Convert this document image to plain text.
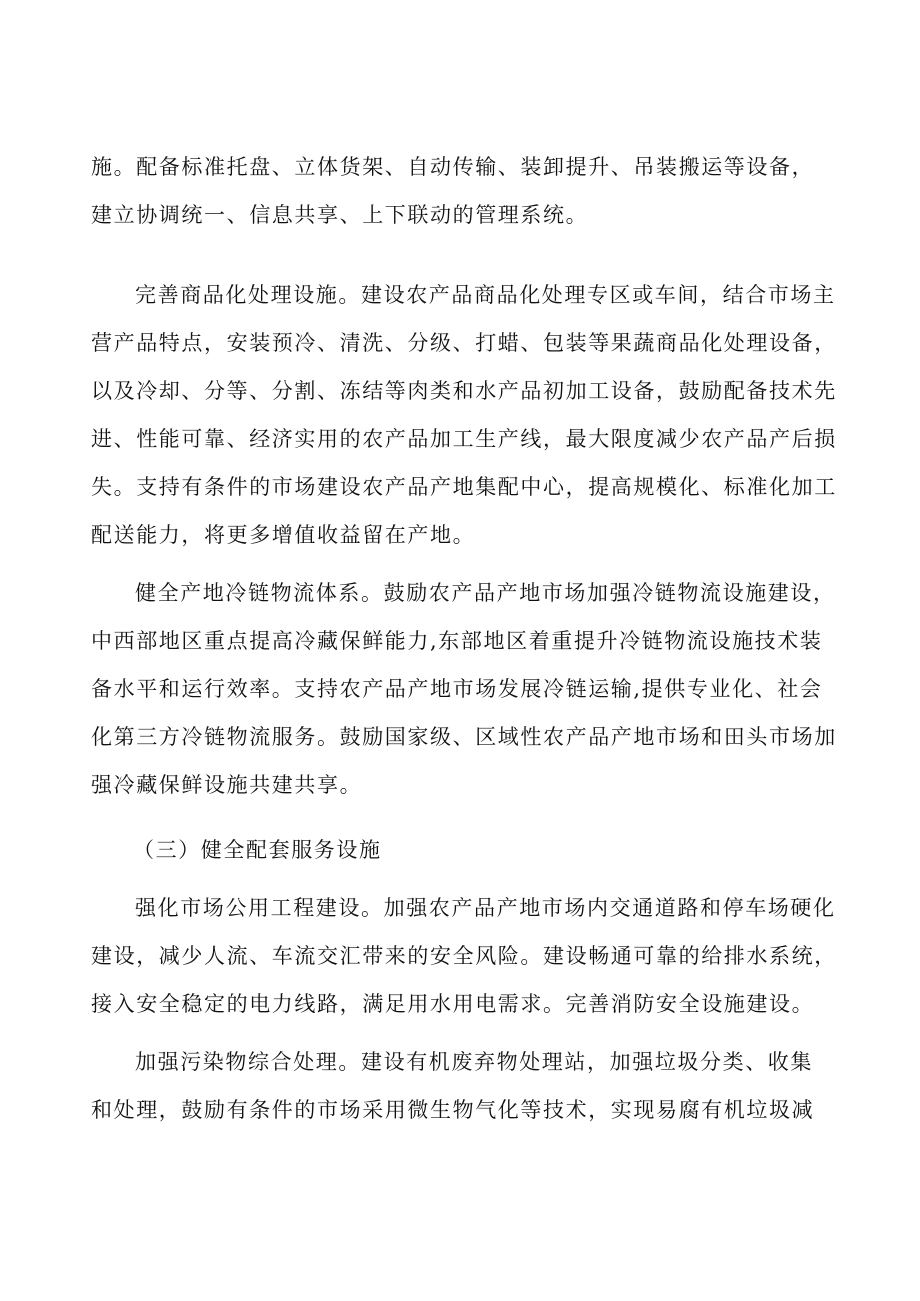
施。配备标准托盘、立体货架、自动传输、装卸提升、吊装搬运等设备，
建立协调统一、信息共享、上下联动的管理系统。
完善商品化处理设施。建设农产品商品化处理专区或车间，结合市场主
营产品特点，安装预冷、清洗、分级、打蜡、包装等果蔬商品化处理设备，
以及冷却、分等、分割、冻结等肉类和水产品初加工设备，鼓励配备技术先
进、性能可靠、经济实用的农产品加工生产线，最大限度减少农产品产后损
失。支持有条件的市场建设农产品产地集配中心，提高规模化、标准化加工
配送能力，将更多增值收益留在产地。
健全产地冷链物流体系。鼓励农产品产地市场加强冷链物流设施建设，
中西部地区重点提高冷藏保鲜能力,东部地区着重提升冷链物流设施技术装
备水平和运行效率。支持农产品产地市场发展冷链运输,提供专业化、社会
化第三方冷链物流服务。鼓励国家级、区域性农产品产地市场和田头市场加
强冷藏保鲜设施共建共享。
（三）健全配套服务设施
强化市场公用工程建设。加强农产品产地市场内交通道路和停车场硬化
建设，减少人流、车流交汇带来的安全风险。建设畅通可靠的给排水系统，
接入安全稳定的电力线路，满足用水用电需求。完善消防安全设施建设。
加强污染物综合处理。建设有机废弃物处理站，加强垃圾分类、收集
和处理，鼓励有条件的市场采用微生物气化等技术，实现易腐有机垃圾减
